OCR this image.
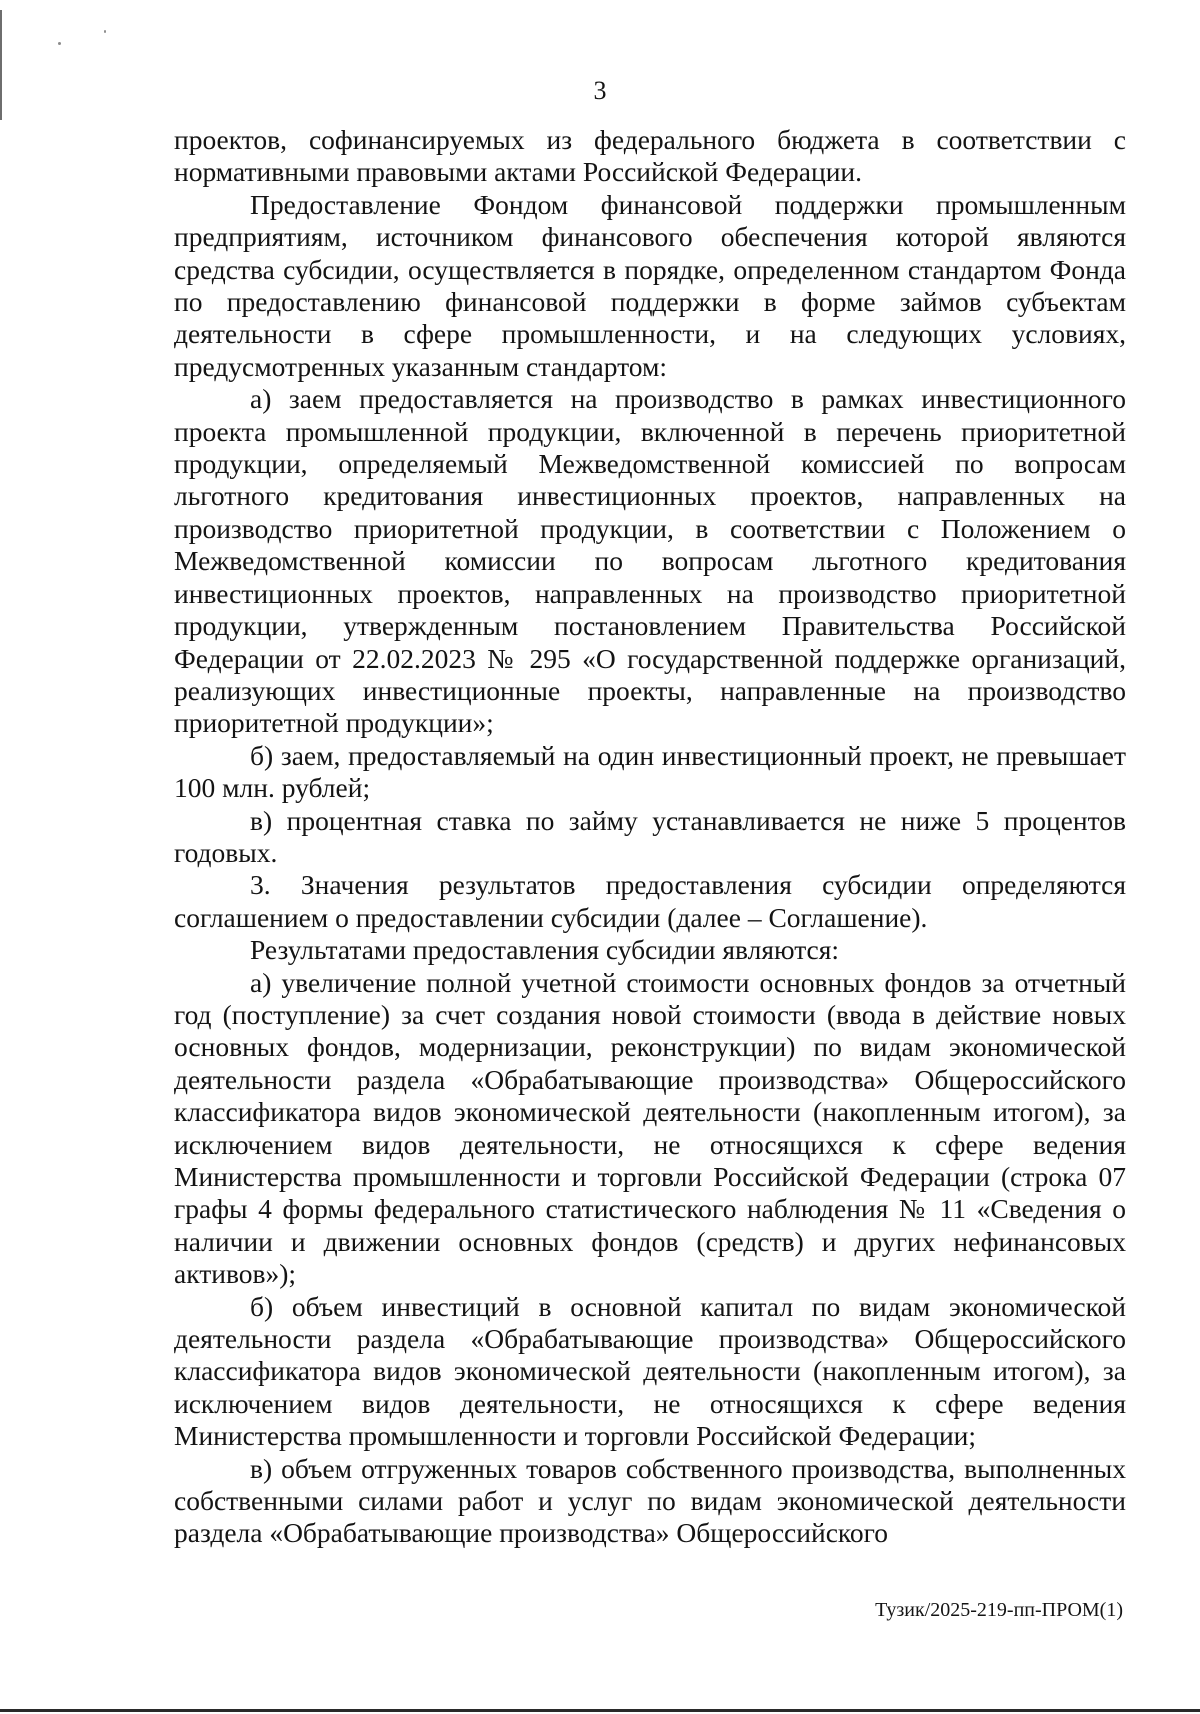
3

проектов, софинансируемых из федерального бюджета в соответствии с нормативными правовыми актами Российской Федерации.

Предоставление Фондом финансовой поддержки промышленным предприятиям, источником финансового обеспечения которой являются средства субсидии, осуществляется в порядке, определенном стандартом Фонда по предоставлению финансовой поддержки в форме займов субъектам деятельности в сфере промышленности, и на следующих условиях, предусмотренных указанным стандартом:

а) заем предоставляется на производство в рамках инвестиционного проекта промышленной продукции, включенной в перечень приоритетной продукции, определяемый Межведомственной комиссией по вопросам льготного кредитования инвестиционных проектов, направленных на производство приоритетной продукции, в соответствии с Положением о Межведомственной комиссии по вопросам льготного кредитования инвестиционных проектов, направленных на производство приоритетной продукции, утвержденным постановлением Правительства Российской Федерации от 22.02.2023 № 295 «О государственной поддержке организаций, реализующих инвестиционные проекты, направленные на производство приоритетной продукции»;

б) заем, предоставляемый на один инвестиционный проект, не превышает 100 млн. рублей;

в) процентная ставка по займу устанавливается не ниже 5 процентов годовых.

3. Значения результатов предоставления субсидии определяются соглашением о предоставлении субсидии (далее – Соглашение).

Результатами предоставления субсидии являются:

а) увеличение полной учетной стоимости основных фондов за отчетный год (поступление) за счет создания новой стоимости (ввода в действие новых основных фондов, модернизации, реконструкции) по видам экономической деятельности раздела «Обрабатывающие производства» Общероссийского классификатора видов экономической деятельности (накопленным итогом), за исключением видов деятельности, не относящихся к сфере ведения Министерства промышленности и торговли Российской Федерации (строка 07 графы 4 формы федерального статистического наблюдения № 11 «Сведения о наличии и движении основных фондов (средств) и других нефинансовых активов»);

б) объем инвестиций в основной капитал по видам экономической деятельности раздела «Обрабатывающие производства» Общероссийского классификатора видов экономической деятельности (накопленным итогом), за исключением видов деятельности, не относящихся к сфере ведения Министерства промышленности и торговли Российской Федерации;

в) объем отгруженных товаров собственного производства, выполненных собственными силами работ и услуг по видам экономической деятельности раздела «Обрабатывающие производства» Общероссийского

Тузик/2025-219-пп-ПРОМ(1)
